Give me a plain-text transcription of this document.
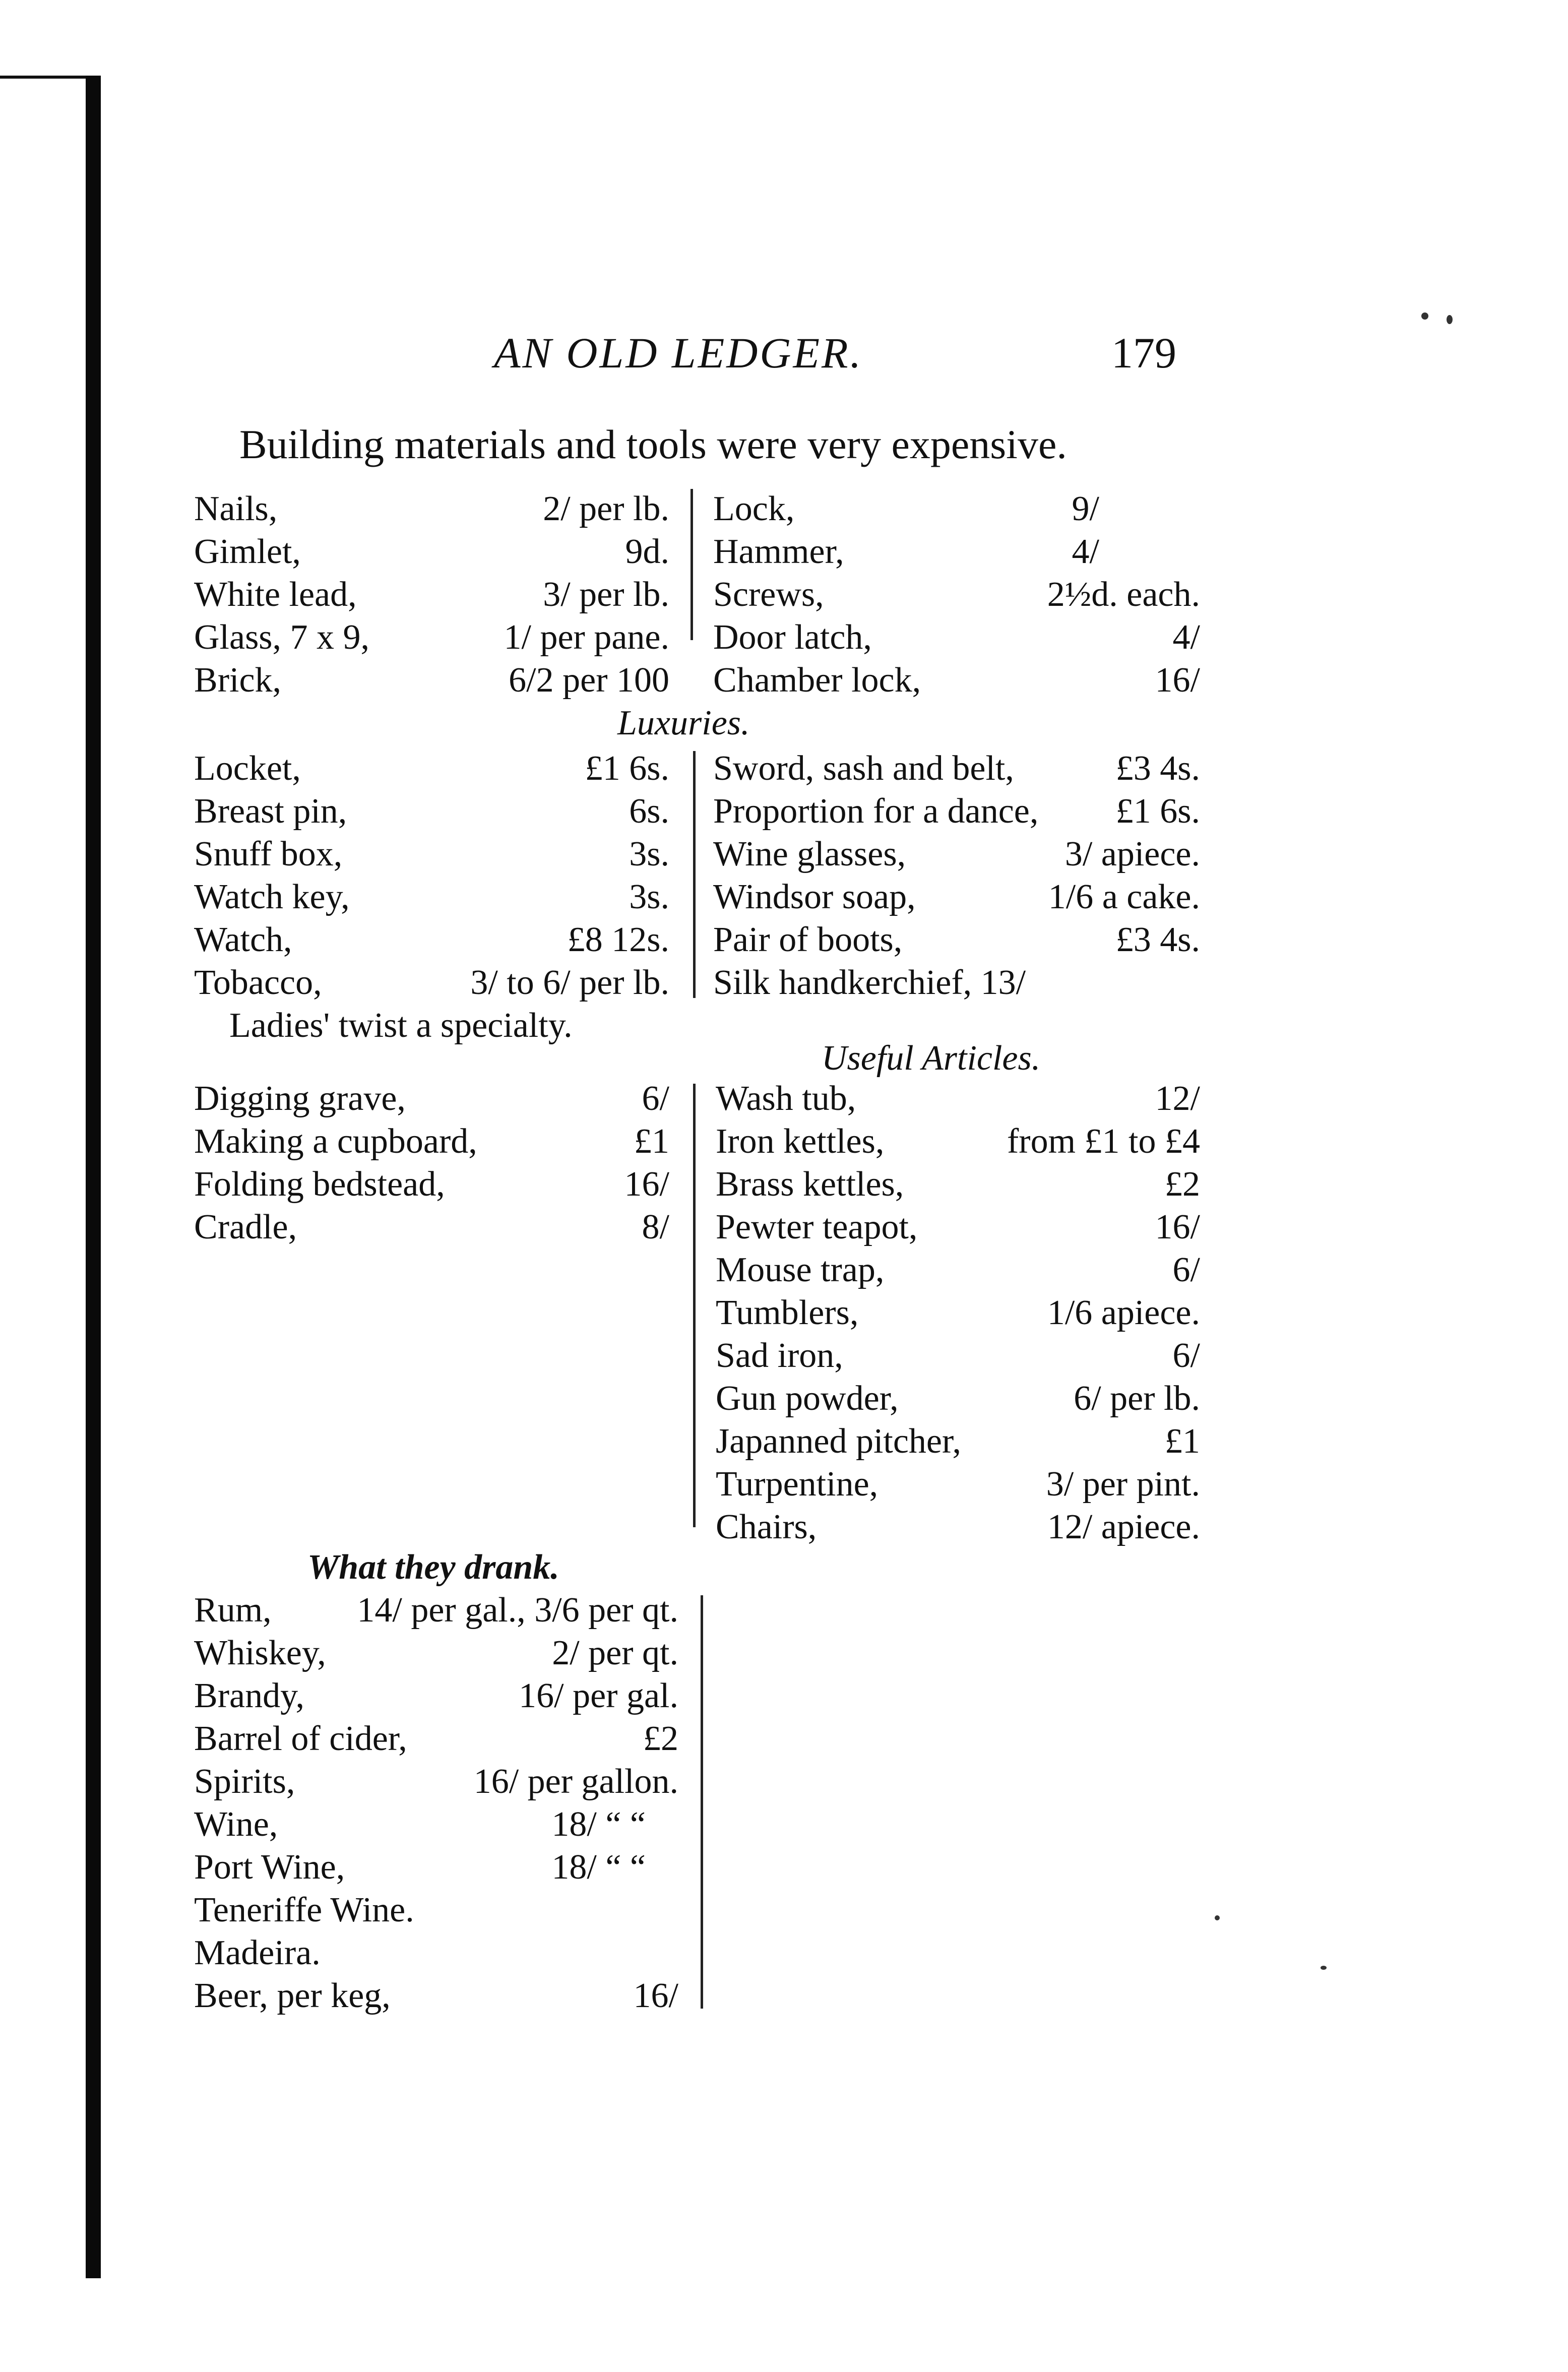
AN OLD LEDGER.	179
Building materials and tools were very expensive.
Nails,	2/ per lb.
Gimlet,	9d.
White lead,	3/ per lb.
Glass, 7 x 9,	1/ per pane.
Brick,	6/2 per 100
Lock,	9/
Hammer,	4/
Screws,	2½d. each.
Door latch,	4/
Chamber lock,	16/
Luxuries.
Locket,	£1 6s.
Breast pin,	6s.
Snuff box,	3s.
Watch key,	3s.
Watch,	£8 12s.
Tobacco,	3/ to 6/ per lb.
Ladies' twist a specialty.
Sword, sash and belt,	£3 4s.
Proportion for a dance, £1 6s.
Wine glasses,	3/ apiece.
Windsor soap,	1/6 a cake.
Pair of boots,	£3 4s.
Silk handkerchief, 13/
Digging grave,	6/
Making a cupboard,	£1
Folding bedstead,	16/
Cradle,	8/
Useful Articles.
Wash tub,	12/
Iron kettles,	from £1 to £4
Brass kettles,	£2
Pewter teapot,	16/
Mouse trap,	6/
Tumblers,	1/6 apiece.
Sad iron,	6/
Gun powder,	6/ per lb.
Japanned pitcher,	£1
Turpentine,	3/ per pint.
Chairs,	12/ apiece.
What they drank.
Rum, 14/ per gal., 3/6 per qt.
Whiskey,	2/ per qt.
Brandy,	16/ per gal.
Barrel of cider,	£2
Spirits,	16/ per gallon.
Wine,	18/ “ “
Port Wine,	18/ “ “
Teneriffe Wine.
Madeira.
Beer, per keg,	16/
